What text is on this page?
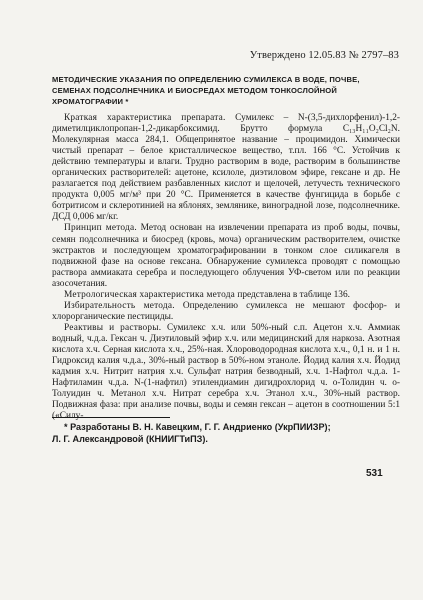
Утверждено 12.05.83 № 2797–83
МЕТОДИЧЕСКИЕ УКАЗАНИЯ ПО ОПРЕДЕЛЕНИЮ СУМИЛЕКСА В ВОДЕ, ПОЧВЕ, СЕМЕНАХ ПОДСОЛНЕЧНИКА И БИОСРЕДАХ МЕТОДОМ ТОНКОСЛОЙНОЙ ХРОМАТОГРАФИИ *

Краткая характеристика препарата. Сумилекс – N-(3,5-дихлорфенил)-1,2-диметилциклопропан-1,2-дикарбоксимид. Брутто формула C₁₃H₁₁O₂Cl₂N. Молекулярная масса 284,1. Общепринятое название – процимидон. Химически чистый препарат – белое кристаллическое вещество, т.пл. 166 °С. Устойчив к действию температуры и влаги. Трудно растворим в воде, растворим в большинстве органических растворителей: ацетоне, ксилоле, диэтиловом эфире, гексане и др. Не разлагается под действием разбавленных кислот и щелочей, летучесть технического продукта 0,005 мг/м³ при 20 °С. Применяется в качестве фунгицида в борьбе с ботритисом и склеротинией на яблонях, землянике, виноградной лозе, подсолнечнике. ДСД 0,006 мг/кг.

Принцип метода. Метод основан на извлечении препарата из проб воды, почвы, семян подсолнечника и биосред (кровь, моча) органическим растворителем, очистке экстрактов и последующем хроматографировании в тонком слое силикагеля в подвижной фазе на основе гексана. Обнаружение сумилекса проводят с помощью раствора аммиаката серебра и последующего облучения УФ-светом или по реакции азосочетания.

Метрологическая характеристика метода представлена в таблице 136.

Избирательность метода. Определению сумилекса не мешают фосфор- и хлорорганические пестициды.

Реактивы и растворы. Сумилекс х.ч. или 50%-ный с.п. Ацетон х.ч. Аммиак водный, ч.д.а. Гексан ч. Диэтиловый эфир х.ч. или медицинский для наркоза. Азотная кислота х.ч. Серная кислота х.ч., 25%-ная. Хлороводородная кислота х.ч., 0,1 н. и 1 н. Гидроксид калия ч.д.а., 30%-ный раствор в 50%-ном этаноле. Йодид калия х.ч. Йодид кадмия х.ч. Нитрит натрия х.ч. Сульфат натрия безводный, х.ч. 1-Нафтол ч.д.а. 1-Нафтиламин ч.д.а. N-(1-нафтил) этилендиамин дигидрохлорид ч. о-Толидин ч. о-Толуидин ч. Метанол х.ч. Нитрат серебра х.ч. Этанол х.ч., 30%-ный раствор. Подвижная фаза: при анализе почвы, воды и семян гексан – ацетон в соотношении 5:1 («Силу-

* Разработаны В. Н. Кавецким, Г. Г. Андриенко (УкрПИИЗР);

Л. Г. Александровой (КНИИГТиПЗ).

531
